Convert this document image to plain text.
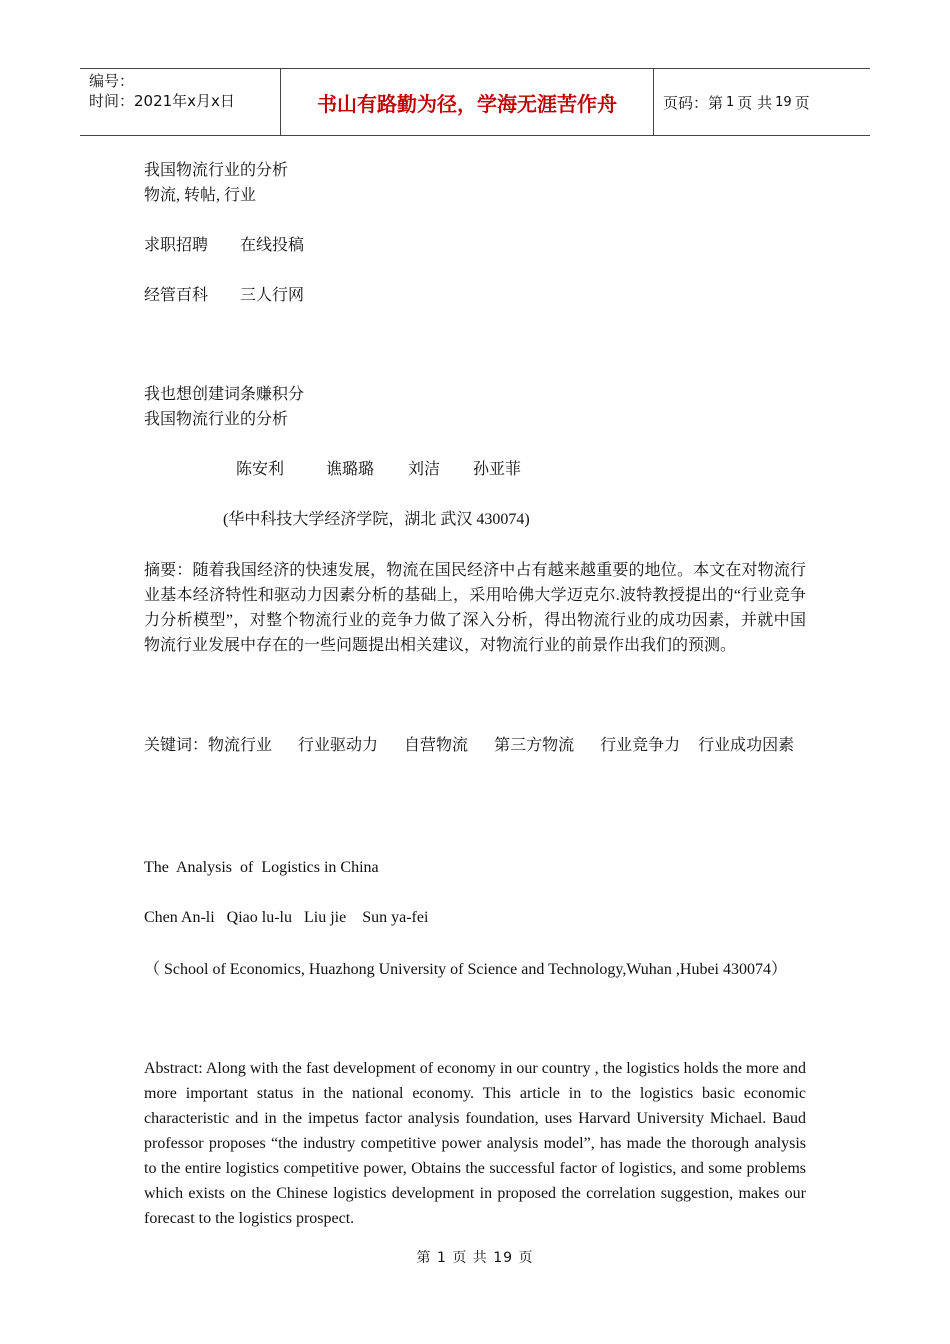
编号：
时间：2021年x月x日	书山有路勤为径，学海无涯苦作舟	页码：第 1 页 共 19 页
我国物流行业的分析
物流, 转帖, 行业
求职招聘 在线投稿
经管百科 三人行网
我也想创建词条赚积分
我国物流行业的分析
陈安利	谯璐璐 刘洁 孙亚菲
(华中科技大学经济学院，湖北 武汉 430074)
摘要：随着我国经济的快速发展，物流在国民经济中占有越来越重要的地位。本文在对物流行业基本经济特性和驱动力因素分析的基础上，采用哈佛大学迈克尔.波特教授提出的“行业竞争力分析模型”，对整个物流行业的竞争力做了深入分析，得出物流行业的成功因素，并就中国物流行业发展中存在的一些问题提出相关建议，对物流行业的前景作出我们的预测。
关键词：物流行业 行业驱动力 自营物流 第三方物流 行业竞争力 行业成功因素
The  Analysis  of  Logistics in China
Chen An-li   Qiao lu-lu   Liu jie    Sun ya-fei
（ School of Economics, Huazhong University of Science and Technology,Wuhan ,Hubei 430074）
Abstract: Along with the fast development of economy in our country , the logistics holds the more and more important status in the national economy. This article in to the logistics basic economic characteristic and in the impetus factor analysis foundation, uses Harvard University Michael. Baud professor proposes “the industry competitive power analysis model”, has made the thorough analysis to the entire logistics competitive power, Obtains the successful factor of logistics, and some problems which exists on the Chinese logistics development in proposed the correlation suggestion, makes our forecast to the logistics prospect.
第 1 页 共 19 页
